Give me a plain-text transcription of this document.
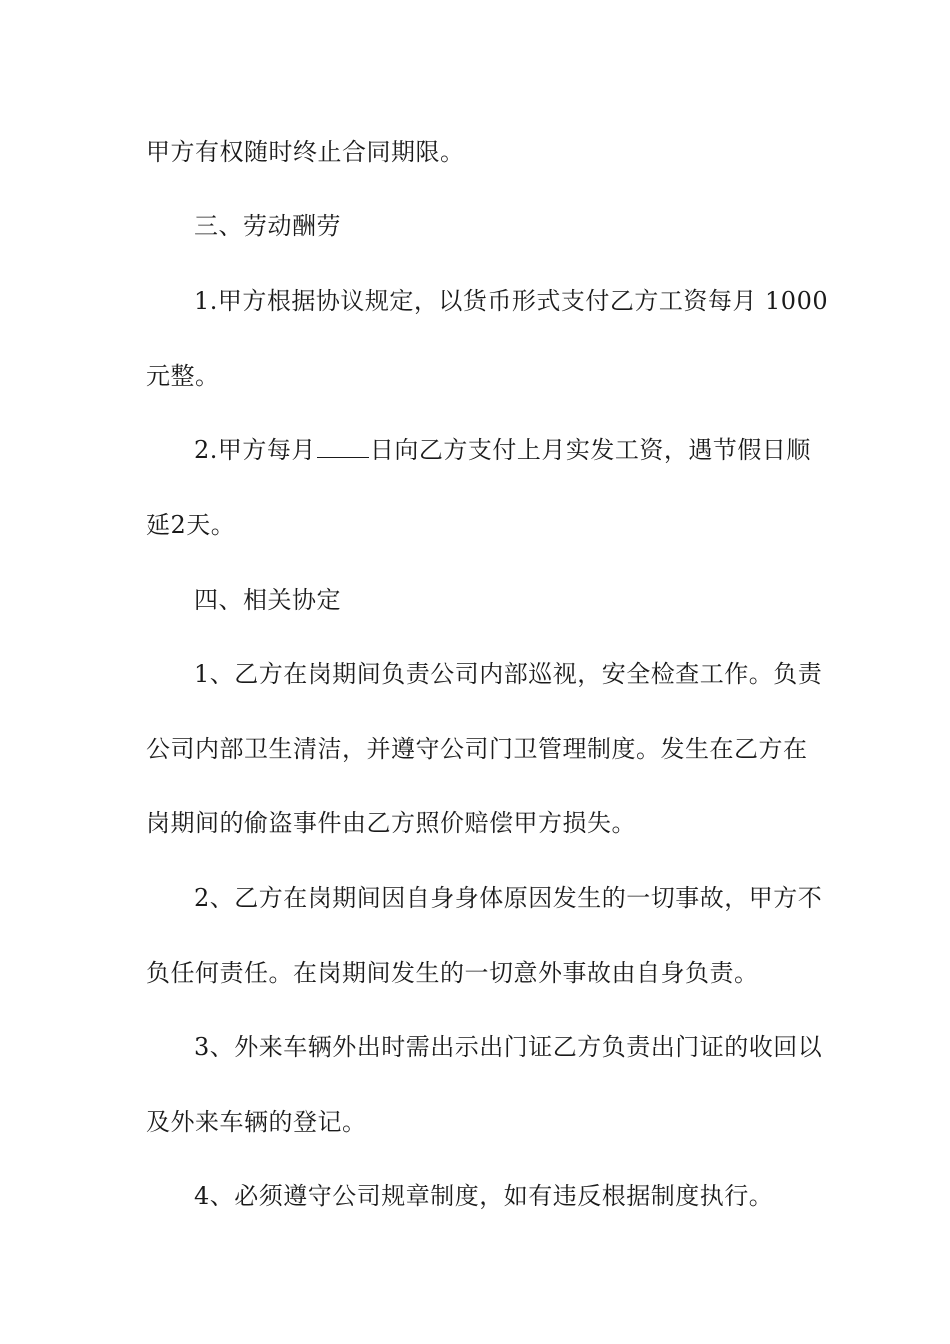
甲方有权随时终止合同期限。
三、劳动酬劳
1.甲方根据协议规定，以货币形式支付乙方工资每月 1000
元整。
2.甲方每月 日向乙方支付上月实发工资，遇节假日顺
延2天。
四、相关协定
1、乙方在岗期间负责公司内部巡视，安全检查工作。负责
公司内部卫生清洁，并遵守公司门卫管理制度。发生在乙方在
岗期间的偷盗事件由乙方照价赔偿甲方损失。
2、乙方在岗期间因自身身体原因发生的一切事故，甲方不
负任何责任。在岗期间发生的一切意外事故由自身负责。
3、外来车辆外出时需出示出门证乙方负责出门证的收回以
及外来车辆的登记。
4、必须遵守公司规章制度，如有违反根据制度执行。
